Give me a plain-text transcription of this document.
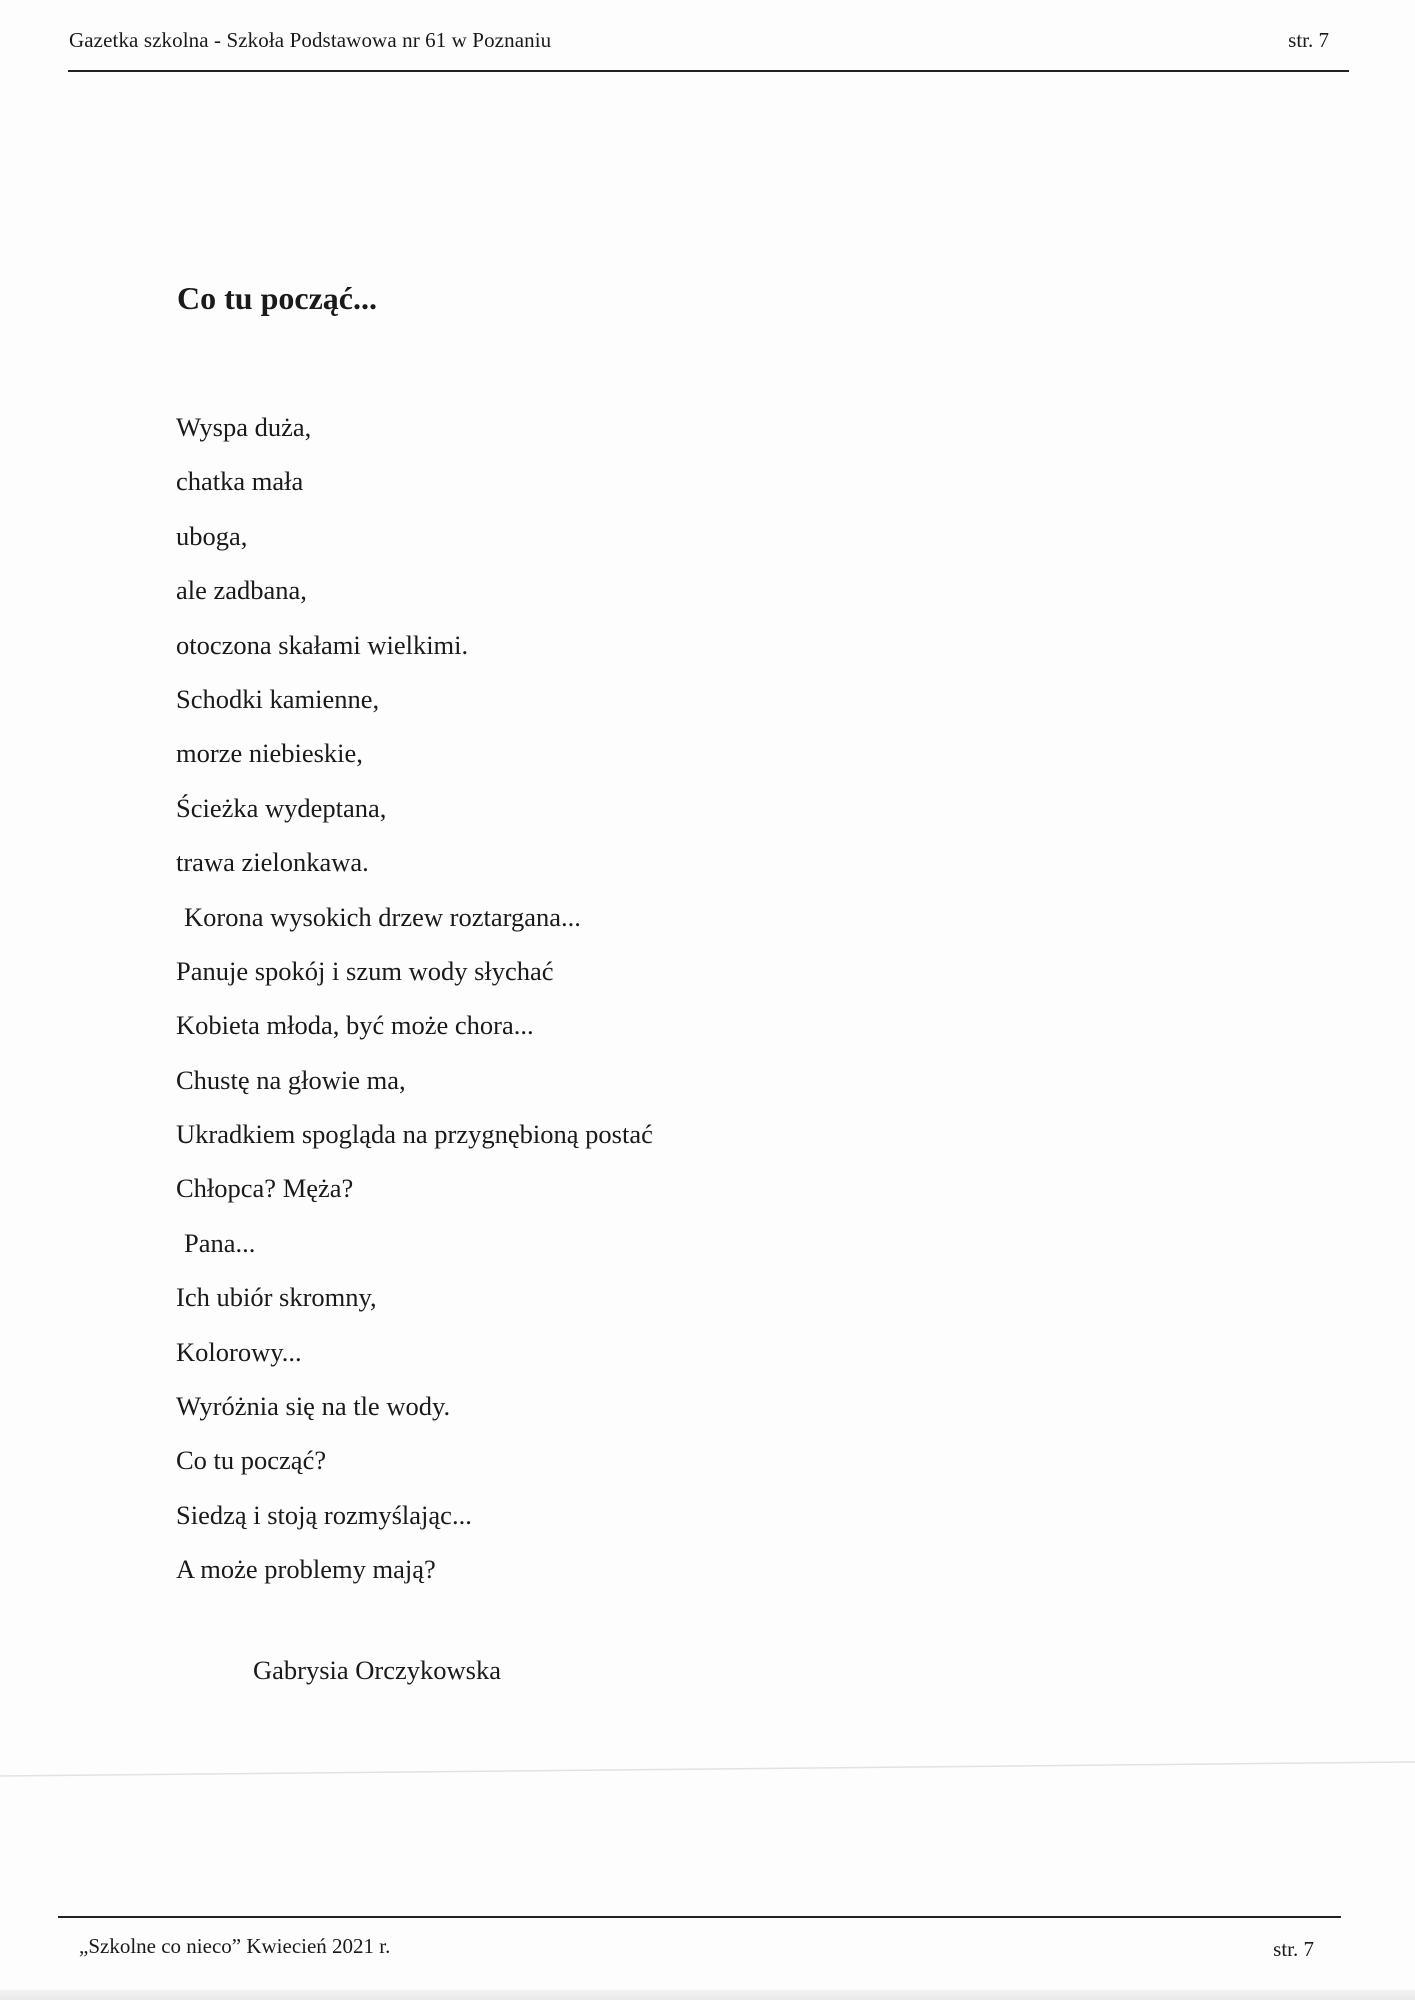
Gazetka szkolna - Szkoła Podstawowa nr 61 w Poznaniu	str. 7
Co tu począć...
Wyspa duża,
chatka mała
uboga,
ale zadbana,
otoczona skałami wielkimi.
Schodki kamienne,
morze niebieskie,
Ścieżka wydeptana,
trawa zielonkawa.
Korona wysokich drzew roztargana...
Panuje spokój i szum wody słychać
Kobieta młoda, być może chora...
Chustę na głowie ma,
Ukradkiem spogląda na przygnębioną postać
Chłopca? Męża?
Pana...
Ich ubiór skromny,
Kolorowy...
Wyróżnia się na tle wody.
Co tu począć?
Siedzą i stoją rozmyślając...
A może problemy mają?
Gabrysia Orczykowska
„Szkolne co nieco” Kwiecień 2021 r.	str. 7
